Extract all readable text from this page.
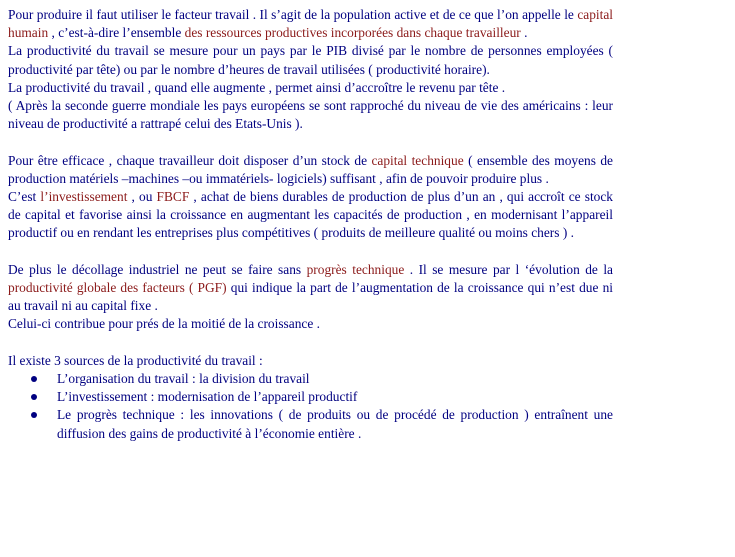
Pour produire il faut utiliser le facteur travail . Il s’agit de la population active et de ce que l’on appelle le capital humain , c’est-à-dire l’ensemble des ressources productives incorporées dans chaque travailleur .

La productivité du travail se mesure pour un pays par le PIB divisé par le nombre de personnes employées ( productivité par tête) ou par le nombre d’heures de travail utilisées ( productivité horaire).

La productivité du travail , quand elle augmente , permet ainsi d’accroître le revenu par tête .

( Après la seconde guerre mondiale les pays européens se sont rapproché du niveau de vie des américains : leur niveau de productivité a rattrapé celui des Etats-Unis ).

Pour être efficace , chaque travailleur doit disposer d’un stock de capital technique ( ensemble des moyens de production matériels –machines –ou immatériels- logiciels) suffisant , afin de pouvoir produire plus .

C’est l’investissement , ou FBCF , achat de biens durables de production de plus d’un an , qui accroît ce stock de capital et favorise ainsi la croissance en augmentant les capacités de production , en modernisant l’appareil productif ou en rendant les entreprises plus compétitives ( produits de meilleure qualité ou moins chers ) .

De plus le décollage industriel ne peut se faire sans progrès technique . Il se mesure par l ‘évolution de la productivité globale des facteurs ( PGF) qui indique la part de l’augmentation de la croissance qui n’est due ni au travail ni au capital fixe .

Celui-ci contribue pour prés de la moitié de la croissance .

Il existe 3 sources de la productivité du travail :

L’organisation du travail : la division du travail
L’investissement : modernisation de l’appareil productif
Le progrès technique : les innovations ( de produits ou de procédé de production ) entraînent une diffusion des gains de productivité à l’économie entière .
